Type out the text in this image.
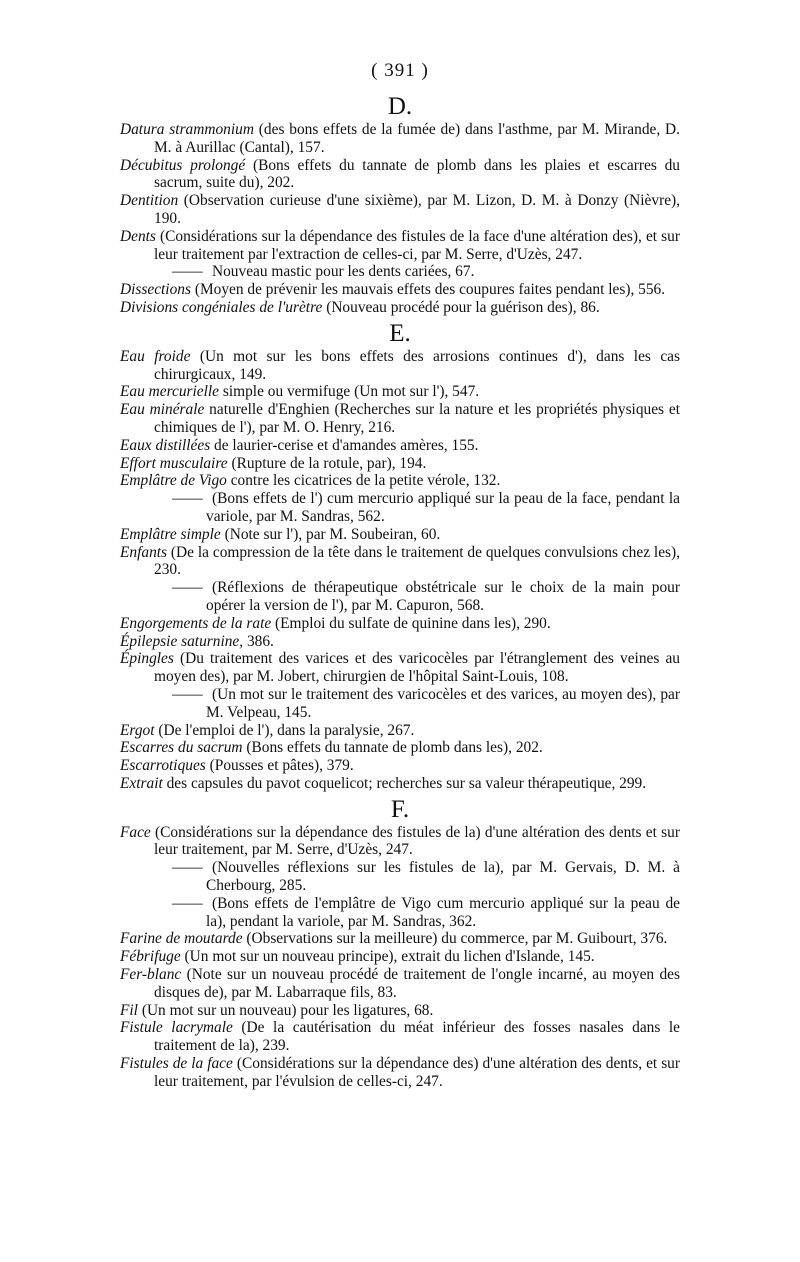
( 391 )
D.

Datura strammonium (des bons effets de la fumée de) dans l'asthme, par M. Mirande, D. M. à Aurillac (Cantal), 157.

Décubitus prolongé (Bons effets du tannate de plomb dans les plaies et escarres du sacrum, suite du), 202.

Dentition (Observation curieuse d'une sixième), par M. Lizon, D. M. à Donzy (Nièvre), 190.

Dents (Considérations sur la dépendance des fistules de la face d'une altération des), et sur leur traitement par l'extraction de celles-ci, par M. Serre, d'Uzès, 247.

—— Nouveau mastic pour les dents cariées, 67.

Dissections (Moyen de prévenir les mauvais effets des coupures faites pendant les), 556.

Divisions congéniales de l'urètre (Nouveau procédé pour la guérison des), 86.

E.

Eau froide (Un mot sur les bons effets des arrosions continues d'), dans les cas chirurgicaux, 149.

Eau mercurielle simple ou vermifuge (Un mot sur l'), 547.

Eau minérale naturelle d'Enghien (Recherches sur la nature et les propriétés physiques et chimiques de l'), par M. O. Henry, 216.

Eaux distillées de laurier-cerise et d'amandes amères, 155.

Effort musculaire (Rupture de la rotule, par), 194.

Emplâtre de Vigo contre les cicatrices de la petite vérole, 132.

—— (Bons effets de l') cum mercurio appliqué sur la peau de la face, pendant la variole, par M. Sandras, 562.

Emplâtre simple (Note sur l'), par M. Soubeiran, 60.

Enfants (De la compression de la tête dans le traitement de quelques convulsions chez les), 230.

—— (Réflexions de thérapeutique obstétricale sur le choix de la main pour opérer la version de l'), par M. Capuron, 568.

Engorgements de la rate (Emploi du sulfate de quinine dans les), 290.

Épilepsie saturnine, 386.

Épingles (Du traitement des varices et des varicocèles par l'étranglement des veines au moyen des), par M. Jobert, chirurgien de l'hôpital Saint-Louis, 108.

—— (Un mot sur le traitement des varicocèles et des varices, au moyen des), par M. Velpeau, 145.

Ergot (De l'emploi de l'), dans la paralysie, 267.

Escarres du sacrum (Bons effets du tannate de plomb dans les), 202.

Escarrotiques (Pousses et pâtes), 379.

Extrait des capsules du pavot coquelicot; recherches sur sa valeur thérapeutique, 299.

F.

Face (Considérations sur la dépendance des fistules de la) d'une altération des dents et sur leur traitement, par M. Serre, d'Uzès, 247.

—— (Nouvelles réflexions sur les fistules de la), par M. Gervais, D. M. à Cherbourg, 285.

—— (Bons effets de l'emplâtre de Vigo cum mercurio appliqué sur la peau de la), pendant la variole, par M. Sandras, 362.

Farine de moutarde (Observations sur la meilleure) du commerce, par M. Guibourt, 376.

Fébrifuge (Un mot sur un nouveau principe), extrait du lichen d'Islande, 145.

Fer-blanc (Note sur un nouveau procédé de traitement de l'ongle incarné, au moyen des disques de), par M. Labarraque fils, 83.

Fil (Un mot sur un nouveau) pour les ligatures, 68.

Fistule lacrymale (De la cautérisation du méat inférieur des fosses nasales dans le traitement de la), 239.

Fistules de la face (Considérations sur la dépendance des) d'une altération des dents, et sur leur traitement, par l'évulsion de celles-ci, 247.
